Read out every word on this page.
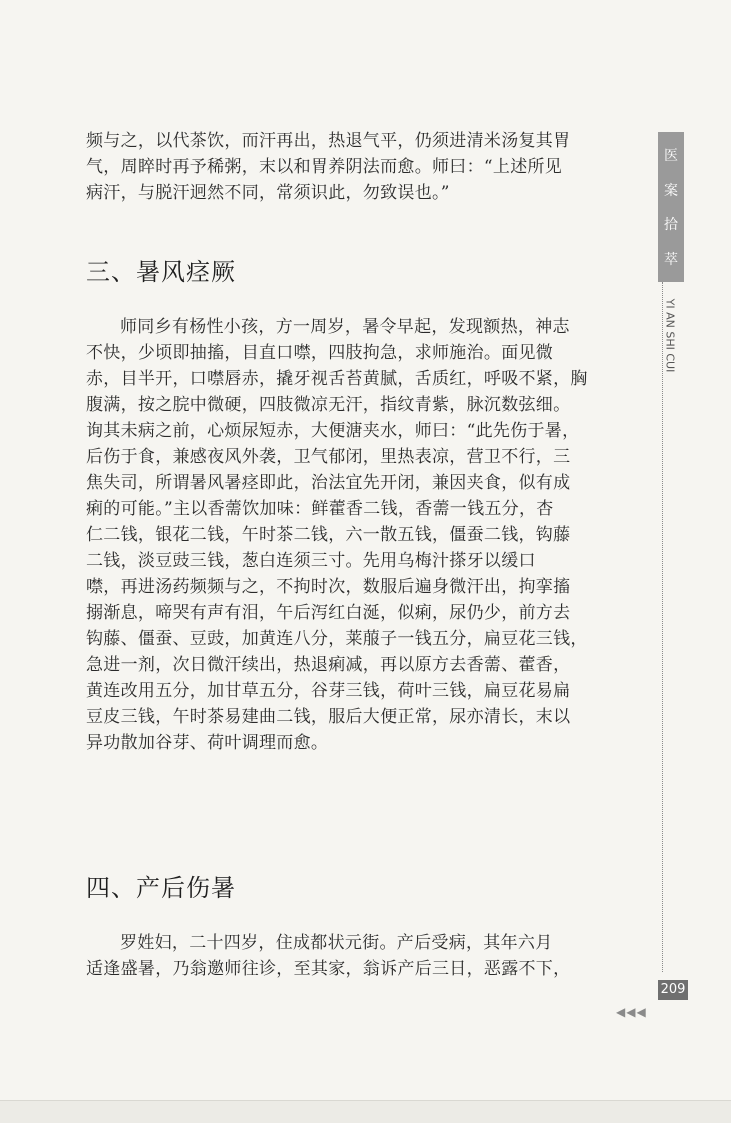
频与之，以代茶饮，而汗再出，热退气平，仍须进清米汤复其胃
气，周睟时再予稀粥，末以和胃养阴法而愈。师曰：“上述所见
病汗，与脱汗迥然不同，常须识此，勿致误也。”
三、暑风痉厥
师同乡有杨性小孩，方一周岁，暑令早起，发现额热，神志
不快，少顷即抽搐，目直口噤，四肢拘急，求师施治。面见微
赤，目半开，口噤唇赤，撬牙视舌苔黄腻，舌质红，呼吸不紧，胸
腹满，按之脘中微硬，四肢微凉无汗，指纹青紫，脉沉数弦细。
询其未病之前，心烦尿短赤，大便溏夹水，师曰：“此先伤于暑，
后伤于食，兼感夜风外袭，卫气郁闭，里热表凉，营卫不行，三
焦失司，所谓暑风暑痉即此，治法宜先开闭，兼因夹食，似有成
痢的可能。”主以香薷饮加味：鲜藿香二钱，香薷一钱五分，杏
仁二钱，银花二钱，午时茶二钱，六一散五钱，僵蚕二钱，钩藤
二钱，淡豆豉三钱，葱白连须三寸。先用乌梅汁搽牙以缓口
噤，再进汤药频频与之，不拘时次，数服后遍身微汗出，拘挛搐
搦渐息，啼哭有声有泪，午后泻红白涎，似痢，尿仍少，前方去
钩藤、僵蚕、豆豉，加黄连八分，莱菔子一钱五分，扁豆花三钱，
急进一剂，次日微汗续出，热退痢减，再以原方去香薷、藿香，
黄连改用五分，加甘草五分，谷芽三钱，荷叶三钱，扁豆花易扁
豆皮三钱，午时茶易建曲二钱，服后大便正常，尿亦清长，末以
异功散加谷芽、荷叶调理而愈。
四、产后伤暑
罗姓妇，二十四岁，住成都状元街。产后受病，其年六月
适逢盛暑，乃翁邀师往诊，至其家，翁诉产后三日，恶露不下，
医
案
拾
萃
YI AN SHI CUI
209
◀◀◀
